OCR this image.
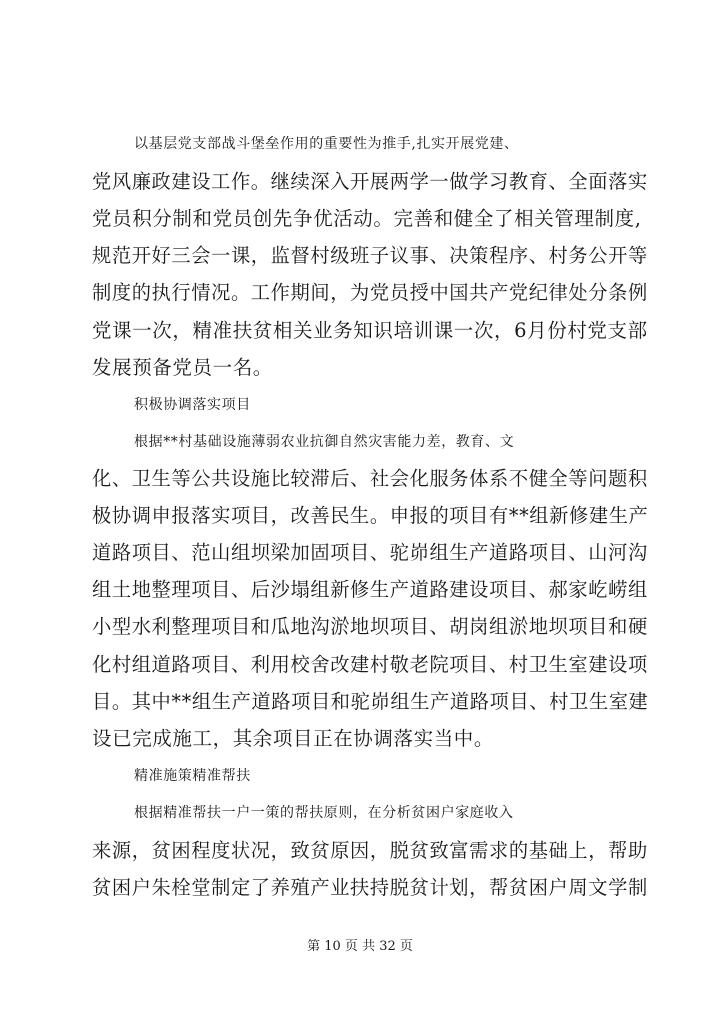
以基层党支部战斗堡垒作用的重要性为推手,扎实开展党建、
党风廉政建设工作。继续深入开展两学一做学习教育、全面落实
党员积分制和党员创先争优活动。完善和健全了相关管理制度,
规范开好三会一课，监督村级班子议事、决策程序、村务公开等
制度的执行情况。工作期间，为党员授中国共产党纪律处分条例
党课一次，精准扶贫相关业务知识培训课一次，6月份村党支部
发展预备党员一名。
积极协调落实项目
根据**村基础设施薄弱农业抗御自然灾害能力差，教育、文
化、卫生等公共设施比较滞后、社会化服务体系不健全等问题积
极协调申报落实项目，改善民生。申报的项目有**组新修建生产
道路项目、范山组坝梁加固项目、驼峁组生产道路项目、山河沟
组土地整理项目、后沙塌组新修生产道路建设项目、郝家屹崂组
小型水利整理项目和瓜地沟淤地坝项目、胡岗组淤地坝项目和硬
化村组道路项目、利用校舍改建村敬老院项目、村卫生室建设项
目。其中**组生产道路项目和驼峁组生产道路项目、村卫生室建
设已完成施工，其余项目正在协调落实当中。
精准施策精准帮扶
根据精准帮扶一户一策的帮扶原则，在分析贫困户家庭收入
来源，贫困程度状况，致贫原因，脱贫致富需求的基础上，帮助
贫困户朱栓堂制定了养殖产业扶持脱贫计划，帮贫困户周文学制
第 10 页 共 32 页
